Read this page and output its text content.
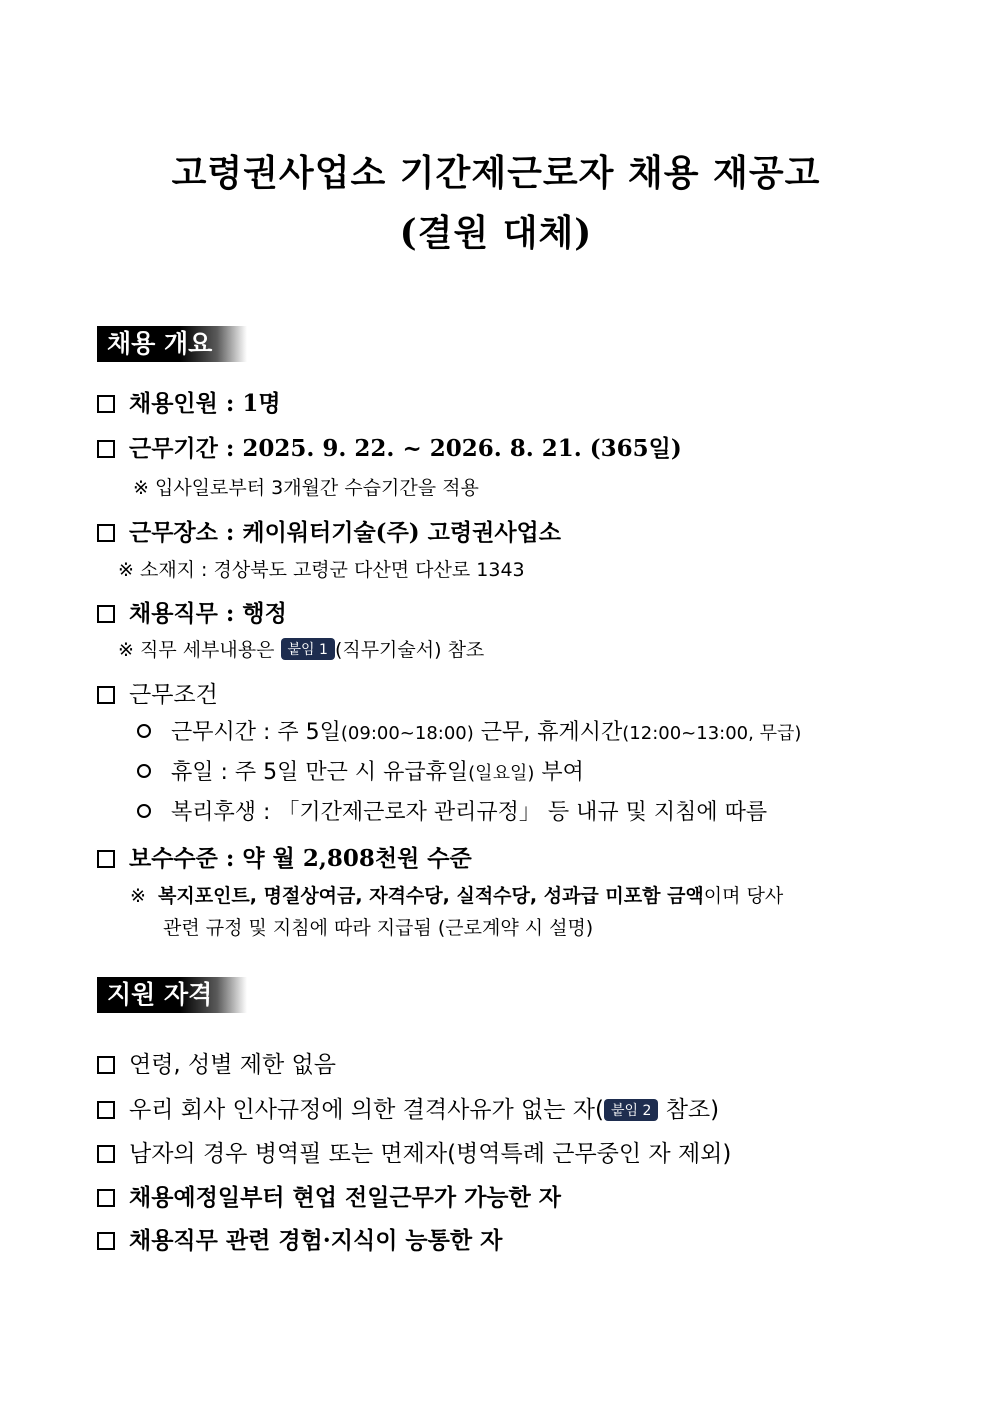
고령권사업소 기간제근로자 채용 재공고
(결원 대체)
채용 개요
채용인원 : 1명
근무기간 : 2025. 9. 22. ~ 2026. 8. 21. (365일)
※ 입사일로부터 3개월간 수습기간을 적용
근무장소 : 케이워터기술(주) 고령권사업소
※ 소재지 : 경상북도 고령군 다산면 다산로 1343
채용직무 : 행정
※ 직무 세부내용은 붙임 1 (직무기술서) 참조
근무조건
근무시간 : 주 5일(09:00~18:00) 근무, 휴게시간(12:00~13:00, 무급)
휴일 : 주 5일 만근 시 유급휴일(일요일) 부여
복리후생 : 「기간제근로자 관리규정」 등 내규 및 지침에 따름
보수수준 : 약 월 2,808천원 수준
※ 복지포인트, 명절상여금, 자격수당, 실적수당, 성과급 미포함 금액이며 당사
관련 규정 및 지침에 따라 지급됨 (근로계약 시 설명)
지원 자격
연령, 성별 제한 없음
우리 회사 인사규정에 의한 결격사유가 없는 자( 붙임 2 참조)
남자의 경우 병역필 또는 면제자(병역특례 근무중인 자 제외)
채용예정일부터 현업 전일근무가 가능한 자
채용직무 관련 경험·지식이 능통한 자
